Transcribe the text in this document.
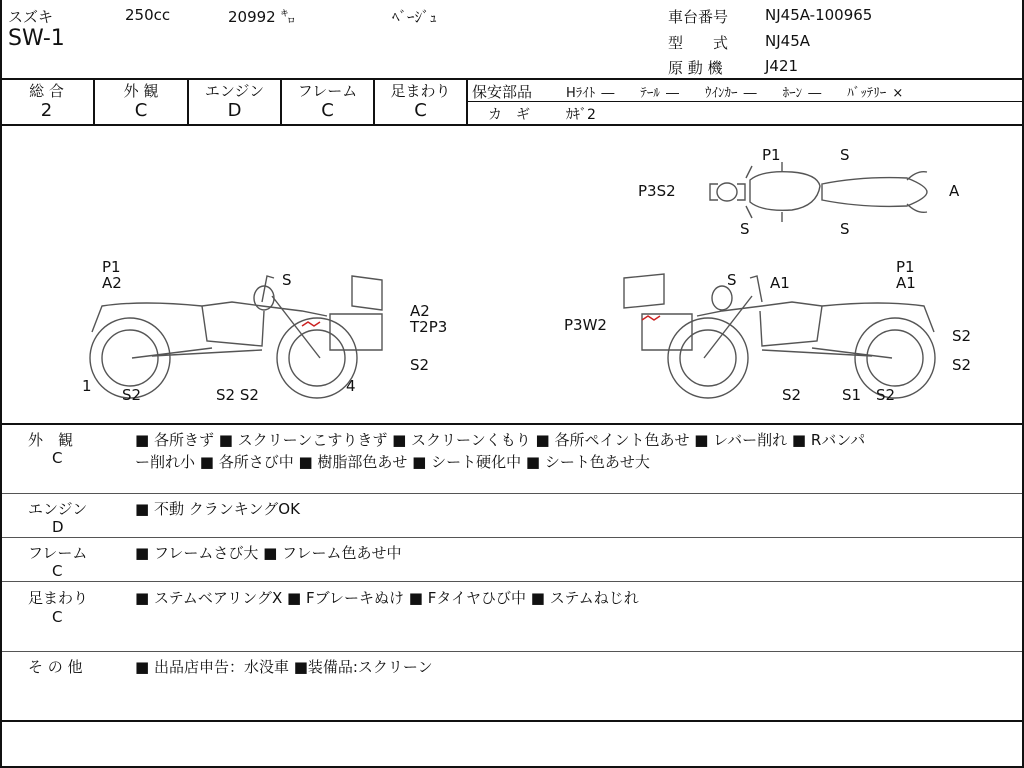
スズキ	250cc	20992 ㌔	ﾍﾞｰｼﾞｭ
SW-1
車台番号 NJ45A-100965
型　　式 NJ45A
原 動 機	J421
総 合
2
外 観
C
エンジン
D
フレーム
C
足まわり
C
保安部品	Hﾗｲﾄ ―　　ﾃｰﾙ ―　　ｳｲﾝｶｰ ―　　ﾎｰﾝ ―　　ﾊﾞｯﾃﾘｰ ×
カ　ギ	ｶｷﾞ2
P1	S
P3S2	A
S	S
P1
A2	S
A2
T2P3
S2
1 S2	S2 S2	4
S A1
P1
A1
P3W2
S2
S2
S2	S1 S2
外　観
C
■ 各所きず ■ スクリーンこすりきず ■ スクリーンくもり ■ 各所ペイント色あせ ■ レバー削れ ■ Rバンパ
ー削れ小 ■ 各所さび中 ■ 樹脂部色あせ ■ シート硬化中 ■ シート色あせ大
エンジン
D
■ 不動 クランキングOK
フレーム
C
■ フレームさび大 ■ フレーム色あせ中
足まわり
C
■ ステムベアリングX ■ Fブレーキぬけ ■ Fタイヤひび中 ■ ステムねじれ
そ の 他	■ 出品店申告：水没車 ■装備品:スクリーン
